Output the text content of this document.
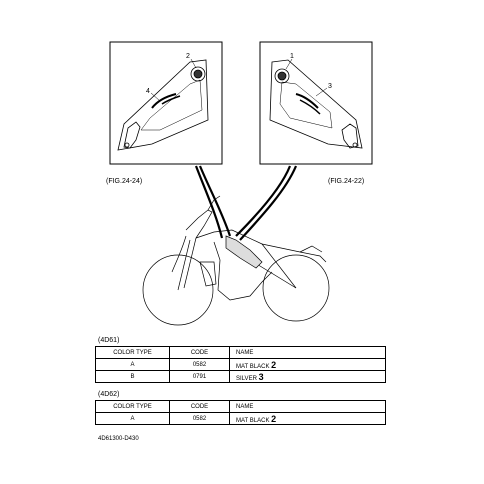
2
4
(FIG.24-24)
1
3
(FIG.24-22)
(4D61)
COLOR TYPE	CODE	NAME
A	0582	MAT BLACK 2
B	0791	SILVER 3
(4D62)
COLOR TYPE	CODE	NAME
A	0582	MAT BLACK 2
4D61300-D430
